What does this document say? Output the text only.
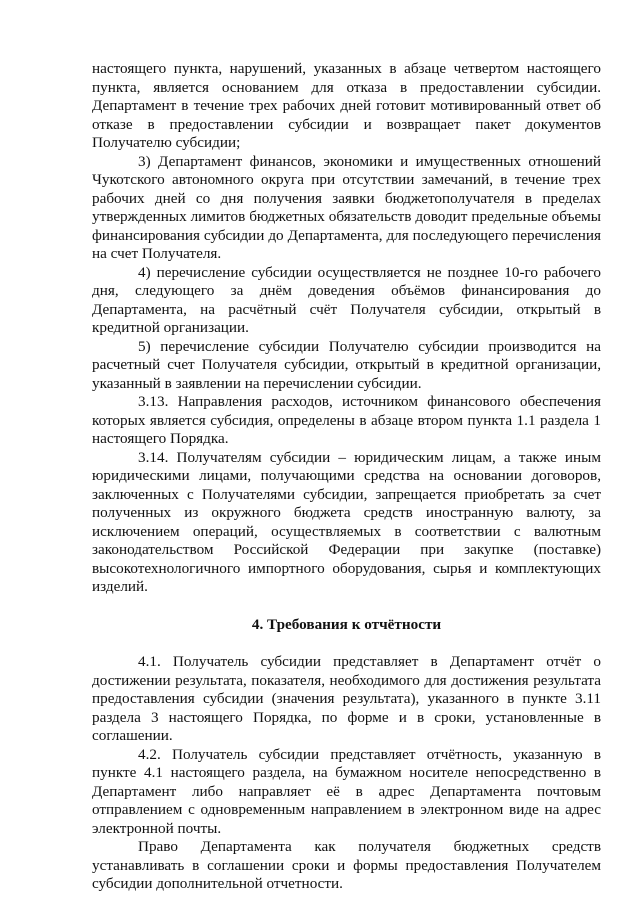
настоящего пункта, нарушений, указанных в абзаце четвертом настоящего пункта, является основанием для отказа в предоставлении субсидии. Департамент в течение трех рабочих дней готовит мотивированный ответ об отказе в предоставлении субсидии и возвращает пакет документов Получателю субсидии;

3) Департамент финансов, экономики и имущественных отношений Чукотского автономного округа при отсутствии замечаний, в течение трех рабочих дней со дня получения заявки бюджетополучателя в пределах утвержденных лимитов бюджетных обязательств доводит предельные объемы финансирования субсидии до Департамента, для последующего перечисления на счет Получателя.

4) перечисление субсидии осуществляется не позднее 10-го рабочего дня, следующего за днём доведения объёмов финансирования до Департамента, на расчётный счёт Получателя субсидии, открытый в кредитной организации.

5) перечисление субсидии Получателю субсидии производится на расчетный счет Получателя субсидии, открытый в кредитной организации, указанный в заявлении на перечислении субсидии.

3.13. Направления расходов, источником финансового обеспечения которых является субсидия, определены в абзаце втором пункта 1.1 раздела 1 настоящего Порядка.

3.14. Получателям субсидии – юридическим лицам, а также иным юридическими лицами, получающими средства на основании договоров, заключенных с Получателями субсидии, запрещается приобретать за счет полученных из окружного бюджета средств иностранную валюту, за исключением операций, осуществляемых в соответствии с валютным законодательством Российской Федерации при закупке (поставке) высокотехнологичного импортного оборудования, сырья и комплектующих изделий.

4. Требования к отчётности

4.1. Получатель субсидии представляет в Департамент отчёт о достижении результата, показателя, необходимого для достижения результата предоставления субсидии (значения результата), указанного в пункте 3.11 раздела 3 настоящего Порядка, по форме и в сроки, установленные в соглашении.

4.2. Получатель субсидии представляет отчётность, указанную в пункте 4.1 настоящего раздела, на бумажном носителе непосредственно в Департамент либо направляет её в адрес Департамента почтовым отправлением с одновременным направлением в электронном виде на адрес электронной почты.

Право Департамента как получателя бюджетных средств устанавливать в соглашении сроки и формы предоставления Получателем субсидии дополнительной отчетности.
